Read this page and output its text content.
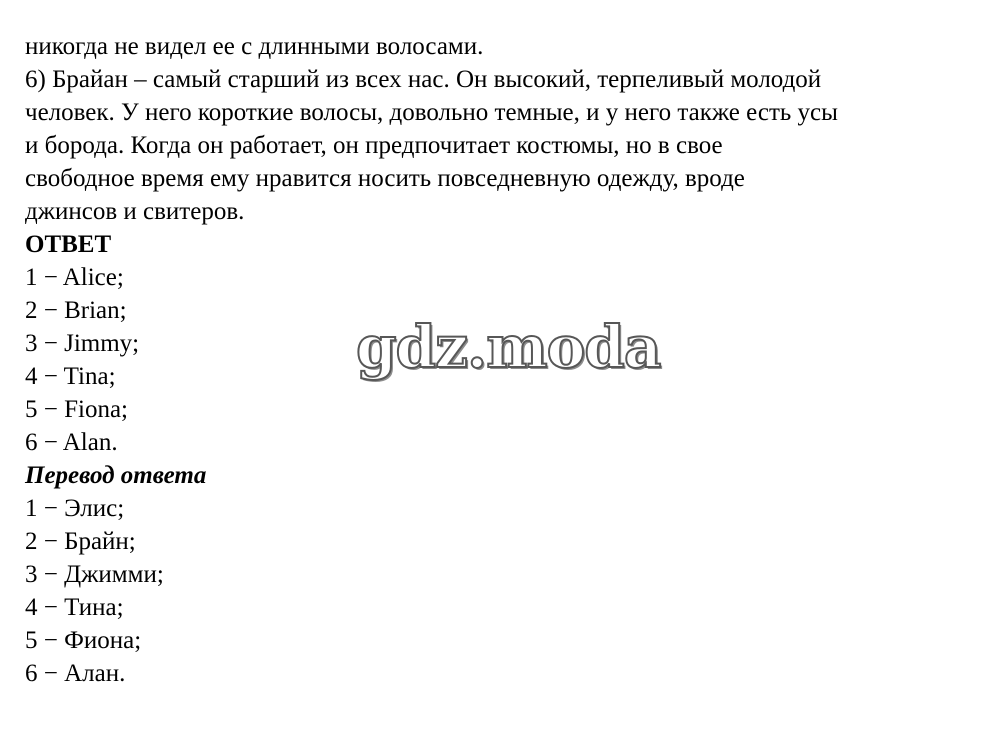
никогда не видел ее с длинными волосами.
6) Брайан – самый старший из всех нас. Он высокий, терпеливый молодой
человек. У него короткие волосы, довольно темные, и у него также есть усы
и борода. Когда он работает, он предпочитает костюмы, но в свое
свободное время ему нравится носить повседневную одежду, вроде
джинсов и свитеров.
ОТВЕТ
1 − Alice;
2 − Brian;
3 − Jimmy;
4 − Tina;
5 − Fiona;
6 − Alan.
Перевод ответа
1 − Элис;
2 − Брайн;
3 − Джимми;
4 − Тина;
5 − Фиона;
6 − Алан.
gdz.moda
